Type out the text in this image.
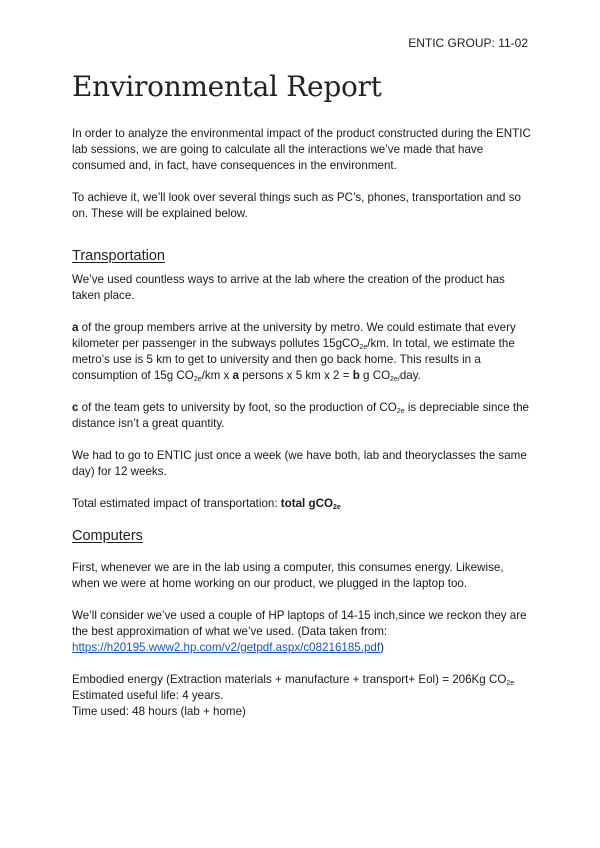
ENTIC GROUP: 11-02
Environmental Report

In order to analyze the environmental impact of the product constructed during the ENTIC lab sessions, we are going to calculate all the interactions we’ve made that have consumed and, in fact, have consequences in the environment.

To achieve it, we’ll look over several things such as PC’s, phones, transportation and so on. These will be explained below.

Transportation

We’ve used countless ways to arrive at the lab where the creation of the product has taken place.

a of the group members arrive at the university by metro. We could estimate that every kilometer per passenger in the subways pollutes 15gCO$_{2e}$/km. In total, we estimate the metro’s use is 5 km to get to university and then go back home. This results in a consumption of 15g $CO_{2e}/km$ x a persons x 5 km x 2 = b g $CO_{2e/}day$.

c of the team gets to university by foot, so the production of $CO_{2e}$ is depreciable since the distance isn’t a great quantity.

We had to go to ENTIC just once a week (we have both, lab and theoryclasses the same day) for 12 weeks.

Total estimated impact of transportation: total gCO$_{2e}$

Computers

First, whenever we are in the lab using a computer, this consumes energy. Likewise, when we were at home working on our product, we plugged in the laptop too.

We’ll consider we’ve used a couple of HP laptops of 14-15 inch,since we reckon they are the best approximation of what we’ve used. (Data taken from: https://h20195.www2.hp.com/v2/getpdf.aspx/c08216185.pdf)

Embodied energy (Extraction materials + manufacture + transport+ Eol) = 206Kg $CO_{2e}$

Estimated useful life: 4 years.

Time used: 48 hours (lab + home)
